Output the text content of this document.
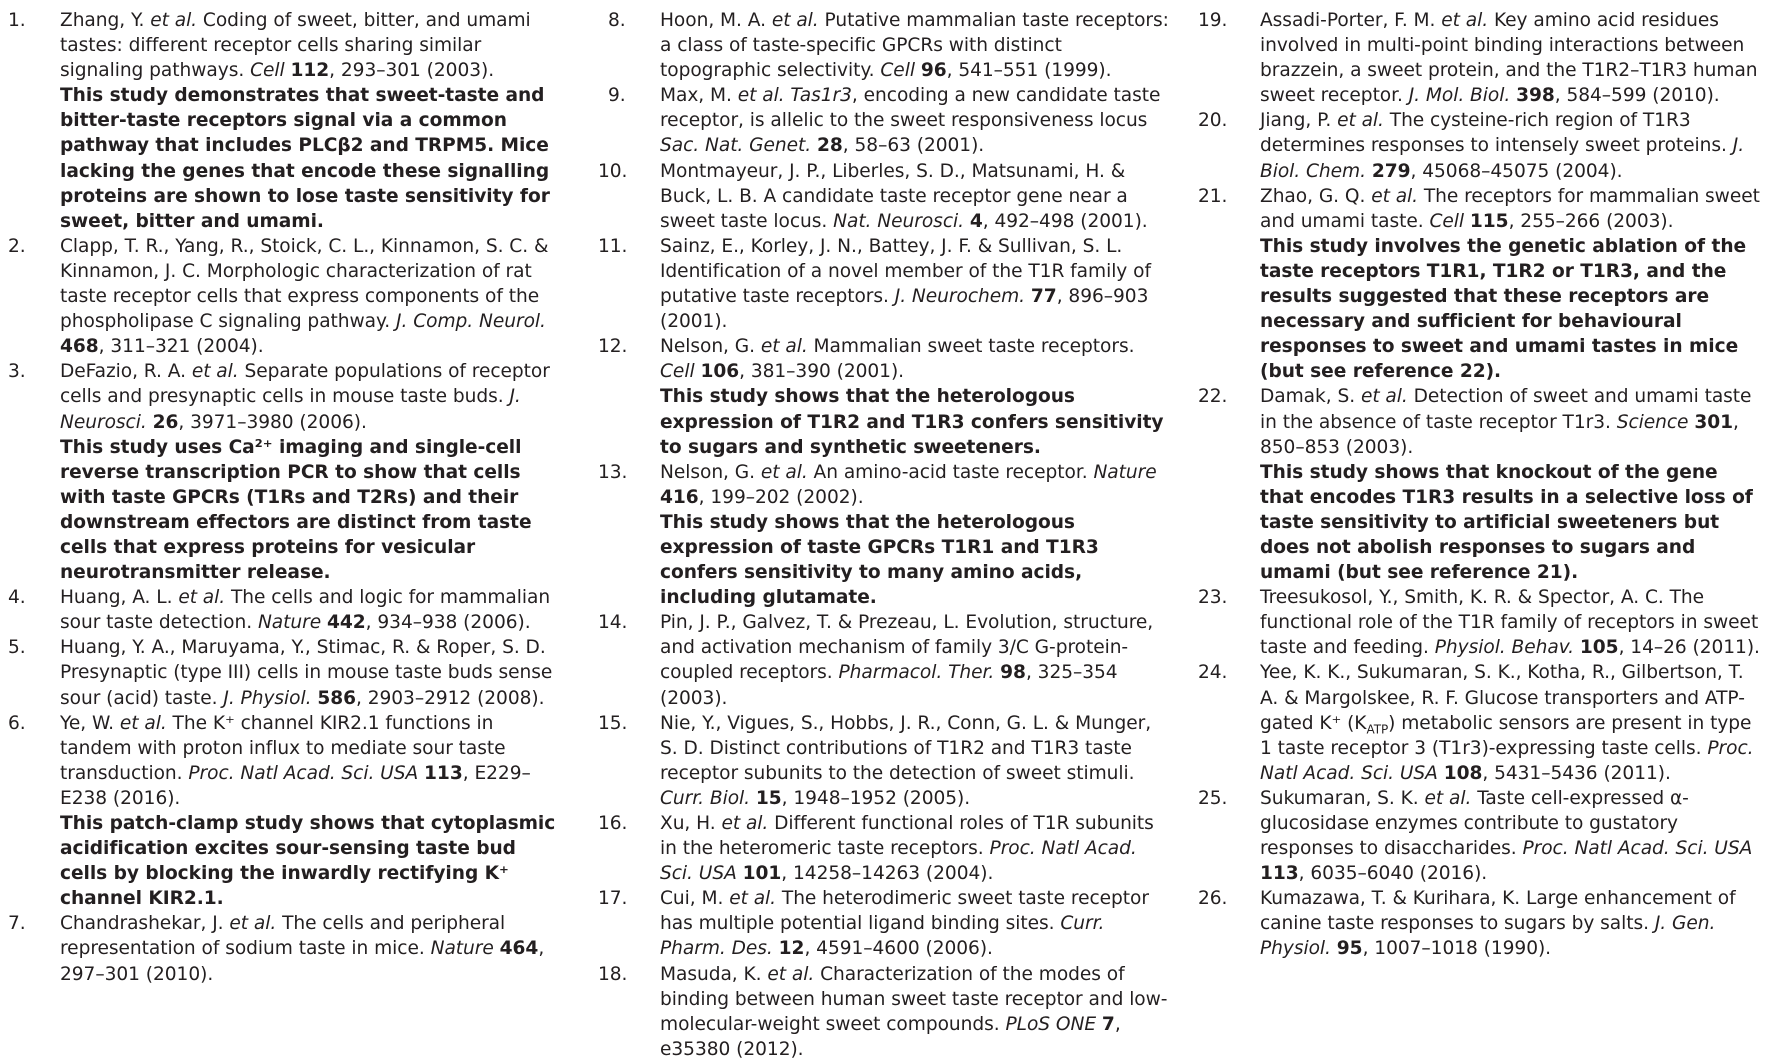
1. Zhang, Y. et al. Coding of sweet, bitter, and umami tastes: different receptor cells sharing similar signaling pathways. Cell 112, 293–301 (2003).
This study demonstrates that sweet-taste and bitter-taste receptors signal via a common pathway that includes PLCβ2 and TRPM5. Mice lacking the genes that encode these signalling proteins are shown to lose taste sensitivity for sweet, bitter and umami.
2. Clapp, T. R., Yang, R., Stoick, C. L., Kinnamon, S. C. & Kinnamon, J. C. Morphologic characterization of rat taste receptor cells that express components of the phospholipase C signaling pathway. J. Comp. Neurol. 468, 311–321 (2004).
3. DeFazio, R. A. et al. Separate populations of receptor cells and presynaptic cells in mouse taste buds. J. Neurosci. 26, 3971–3980 (2006).
This study uses Ca²⁺ imaging and single-cell reverse transcription PCR to show that cells with taste GPCRs (T1Rs and T2Rs) and their downstream effectors are distinct from taste cells that express proteins for vesicular neurotransmitter release.
4. Huang, A. L. et al. The cells and logic for mammalian sour taste detection. Nature 442, 934–938 (2006).
5. Huang, Y. A., Maruyama, Y., Stimac, R. & Roper, S. D. Presynaptic (type III) cells in mouse taste buds sense sour (acid) taste. J. Physiol. 586, 2903–2912 (2008).
6. Ye, W. et al. The K⁺ channel KIR2.1 functions in tandem with proton influx to mediate sour taste transduction. Proc. Natl Acad. Sci. USA 113, E229–E238 (2016).
This patch-clamp study shows that cytoplasmic acidification excites sour-sensing taste bud cells by blocking the inwardly rectifying K⁺ channel KIR2.1.
7. Chandrashekar, J. et al. The cells and peripheral representation of sodium taste in mice. Nature 464, 297–301 (2010).
8. Hoon, M. A. et al. Putative mammalian taste receptors: a class of taste-specific GPCRs with distinct topographic selectivity. Cell 96, 541–551 (1999).
9. Max, M. et al. Tas1r3, encoding a new candidate taste receptor, is allelic to the sweet responsiveness locus Sac. Nat. Genet. 28, 58–63 (2001).
10. Montmayeur, J. P., Liberles, S. D., Matsunami, H. & Buck, L. B. A candidate taste receptor gene near a sweet taste locus. Nat. Neurosci. 4, 492–498 (2001).
11. Sainz, E., Korley, J. N., Battey, J. F. & Sullivan, S. L. Identification of a novel member of the T1R family of putative taste receptors. J. Neurochem. 77, 896–903 (2001).
12. Nelson, G. et al. Mammalian sweet taste receptors. Cell 106, 381–390 (2001).
This study shows that the heterologous expression of T1R2 and T1R3 confers sensitivity to sugars and synthetic sweeteners.
13. Nelson, G. et al. An amino-acid taste receptor. Nature 416, 199–202 (2002).
This study shows that the heterologous expression of taste GPCRs T1R1 and T1R3 confers sensitivity to many amino acids, including glutamate.
14. Pin, J. P., Galvez, T. & Prezeau, L. Evolution, structure, and activation mechanism of family 3/C G-protein-coupled receptors. Pharmacol. Ther. 98, 325–354 (2003).
15. Nie, Y., Vigues, S., Hobbs, J. R., Conn, G. L. & Munger, S. D. Distinct contributions of T1R2 and T1R3 taste receptor subunits to the detection of sweet stimuli. Curr. Biol. 15, 1948–1952 (2005).
16. Xu, H. et al. Different functional roles of T1R subunits in the heteromeric taste receptors. Proc. Natl Acad. Sci. USA 101, 14258–14263 (2004).
17. Cui, M. et al. The heterodimeric sweet taste receptor has multiple potential ligand binding sites. Curr. Pharm. Des. 12, 4591–4600 (2006).
18. Masuda, K. et al. Characterization of the modes of binding between human sweet taste receptor and low-molecular-weight sweet compounds. PLoS ONE 7, e35380 (2012).
19. Assadi-Porter, F. M. et al. Key amino acid residues involved in multi-point binding interactions between brazzein, a sweet protein, and the T1R2–T1R3 human sweet receptor. J. Mol. Biol. 398, 584–599 (2010).
20. Jiang, P. et al. The cysteine-rich region of T1R3 determines responses to intensely sweet proteins. J. Biol. Chem. 279, 45068–45075 (2004).
21. Zhao, G. Q. et al. The receptors for mammalian sweet and umami taste. Cell 115, 255–266 (2003).
This study involves the genetic ablation of the taste receptors T1R1, T1R2 or T1R3, and the results suggested that these receptors are necessary and sufficient for behavioural responses to sweet and umami tastes in mice (but see reference 22).
22. Damak, S. et al. Detection of sweet and umami taste in the absence of taste receptor T1r3. Science 301, 850–853 (2003).
This study shows that knockout of the gene that encodes T1R3 results in a selective loss of taste sensitivity to artificial sweeteners but does not abolish responses to sugars and umami (but see reference 21).
23. Treesukosol, Y., Smith, K. R. & Spector, A. C. The functional role of the T1R family of receptors in sweet taste and feeding. Physiol. Behav. 105, 14–26 (2011).
24. Yee, K. K., Sukumaran, S. K., Kotha, R., Gilbertson, T. A. & Margolskee, R. F. Glucose transporters and ATP-gated K⁺ $(K_{ATP})$ metabolic sensors are present in type 1 taste receptor 3 (T1r3)-expressing taste cells. Proc. Natl Acad. Sci. USA 108, 5431–5436 (2011).
25. Sukumaran, S. K. et al. Taste cell-expressed α-glucosidase enzymes contribute to gustatory responses to disaccharides. Proc. Natl Acad. Sci. USA 113, 6035–6040 (2016).
26. Kumazawa, T. & Kurihara, K. Large enhancement of canine taste responses to sugars by salts. J. Gen. Physiol. 95, 1007–1018 (1990).
